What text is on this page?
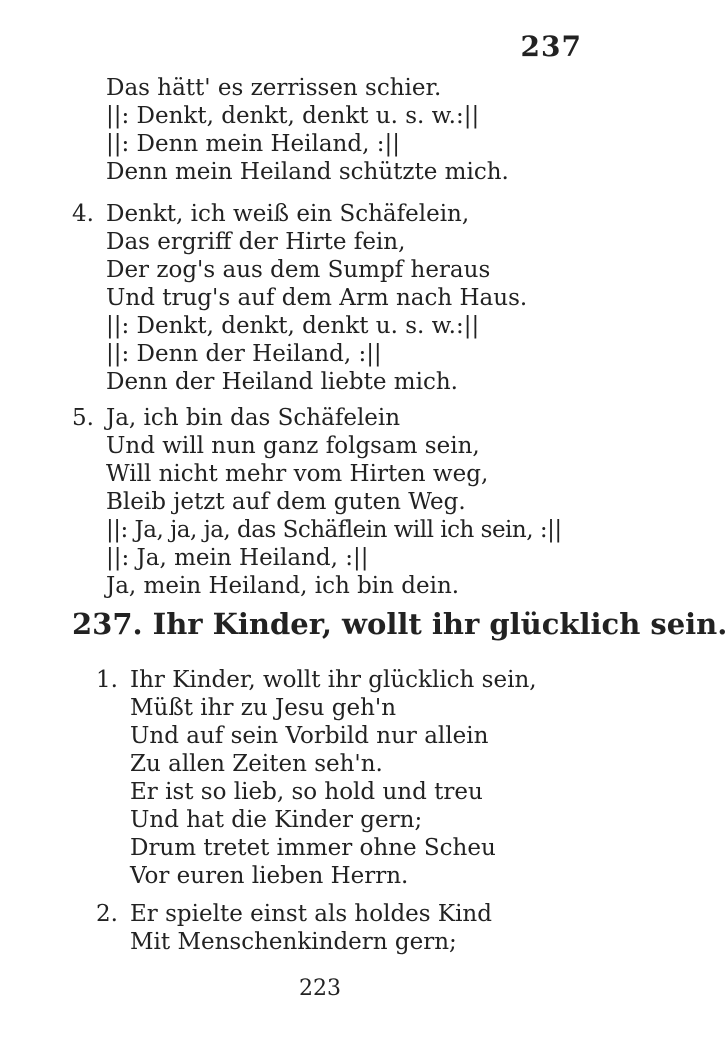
237
Das hätt' es zerrissen schier.
||: Denkt, denkt, denkt u. s. w.:||
||: Denn mein Heiland, :||
Denn mein Heiland schützte mich.
4. Denkt, ich weiß ein Schäfelein,
Das ergriff der Hirte fein,
Der zog's aus dem Sumpf heraus
Und trug's auf dem Arm nach Haus.
||: Denkt, denkt, denkt u. s. w.:||
||: Denn der Heiland, :||
Denn der Heiland liebte mich.
5. Ja, ich bin das Schäfelein
Und will nun ganz folgsam sein,
Will nicht mehr vom Hirten weg,
Bleib jetzt auf dem guten Weg.
||: Ja, ja, ja, das Schäflein will ich sein, :||
||: Ja, mein Heiland, :||
Ja, mein Heiland, ich bin dein.
237. Ihr Kinder, wollt ihr glücklich sein.
1. Ihr Kinder, wollt ihr glücklich sein,
Müßt ihr zu Jesu geh'n
Und auf sein Vorbild nur allein
Zu allen Zeiten seh'n.
Er ist so lieb, so hold und treu
Und hat die Kinder gern;
Drum tretet immer ohne Scheu
Vor euren lieben Herrn.
2. Er spielte einst als holdes Kind
Mit Menschenkindern gern;
223
